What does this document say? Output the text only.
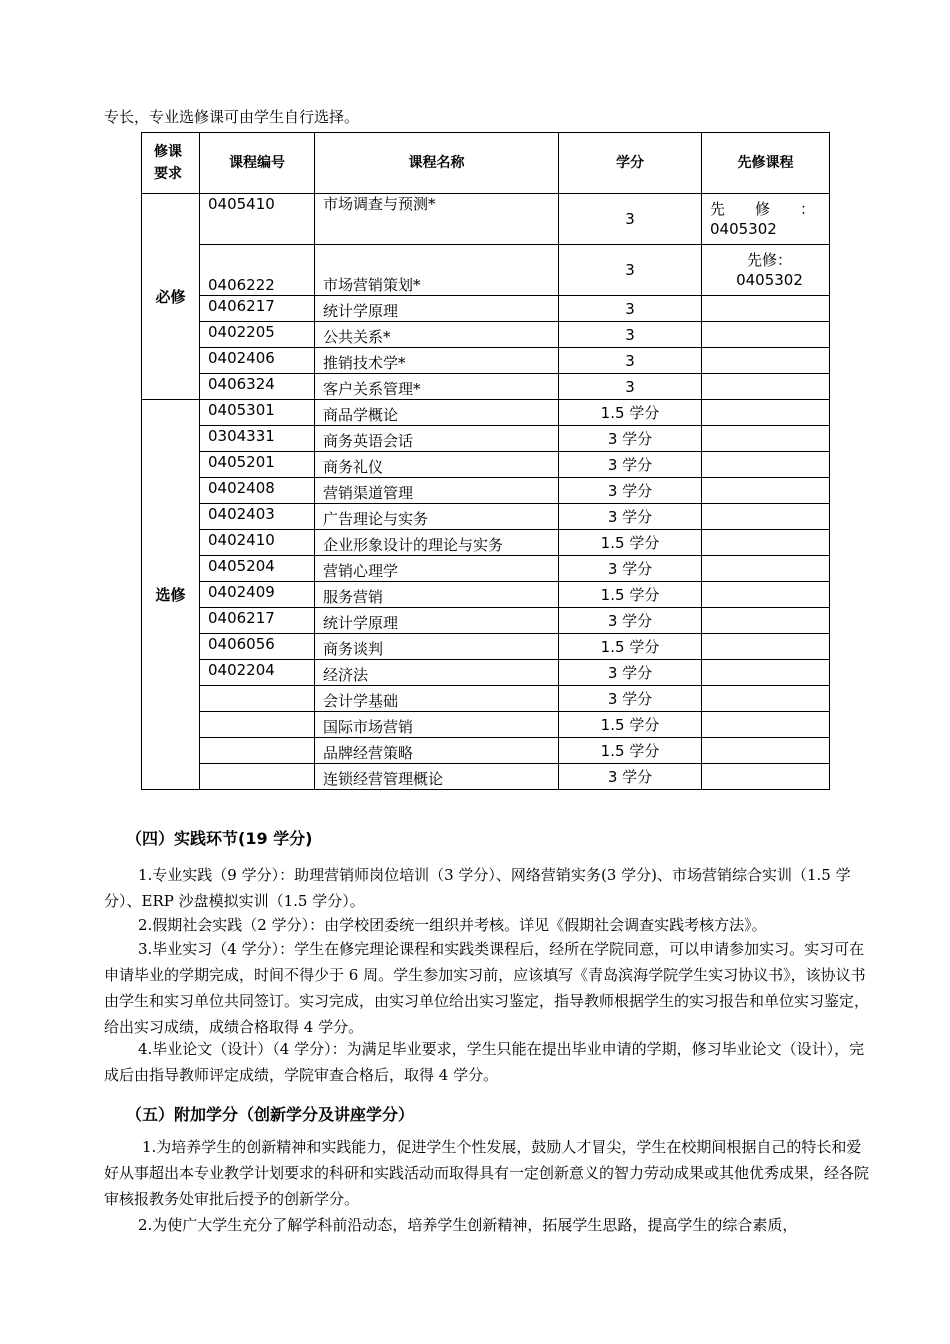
专长，专业选修课可由学生自行选择。
修课
要求	课程编号	课程名称	学分	先修课程
必修	0405410	市场调查与预测*	3	先 修 ：
0405302

	0406222	市场营销策划*	3	先修：
0405302

	0406217	统计学原理	3	
	0402205	公共关系*	3	
	0402406	推销技术学*	3	
	0406324	客户关系管理*	3	
选修	0405301	商品学概论	1.5 学分	
	0304331	商务英语会话	3 学分	
	0405201	商务礼仪	3 学分	
	0402408	营销渠道管理	3 学分	
	0402403	广告理论与实务	3 学分	
	0402410	企业形象设计的理论与实务	1.5 学分	
	0405204	营销心理学	3 学分	
	0402409	服务营销	1.5 学分	
	0406217	统计学原理	3 学分	
	0406056	商务谈判	1.5 学分	
	0402204	经济法	3 学分	
		会计学基础	3 学分	
		国际市场营销	1.5 学分	
		品牌经营策略	1.5 学分	
		连锁经营管理概论	3 学分	
（四）实践环节(19 学分)
1.专业实践（9 学分）：助理营销师岗位培训（3 学分）、网络营销实务(3 学分)、市场营销综合实训（1.5 学分）、ERP 沙盘模拟实训（1.5 学分）。
2.假期社会实践（2 学分）：由学校团委统一组织并考核。详见《假期社会调查实践考核方法》。
3.毕业实习（4 学分）：学生在修完理论课程和实践类课程后，经所在学院同意，可以申请参加实习。实习可在申请毕业的学期完成，时间不得少于 6 周。学生参加实习前，应该填写《青岛滨海学院学生实习协议书》，该协议书由学生和实习单位共同签订。实习完成，由实习单位给出实习鉴定，指导教师根据学生的实习报告和单位实习鉴定，给出实习成绩，成绩合格取得 4 学分。
4.毕业论文（设计）（4 学分）：为满足毕业要求，学生只能在提出毕业申请的学期，修习毕业论文（设计），完成后由指导教师评定成绩，学院审查合格后，取得 4 学分。
（五）附加学分（创新学分及讲座学分）
1.为培养学生的创新精神和实践能力，促进学生个性发展，鼓励人才冒尖，学生在校期间根据自己的特长和爱好从事超出本专业教学计划要求的科研和实践活动而取得具有一定创新意义的智力劳动成果或其他优秀成果，经各院审核报教务处审批后授予的创新学分。
2.为使广大学生充分了解学科前沿动态，培养学生创新精神，拓展学生思路，提高学生的综合素质，
